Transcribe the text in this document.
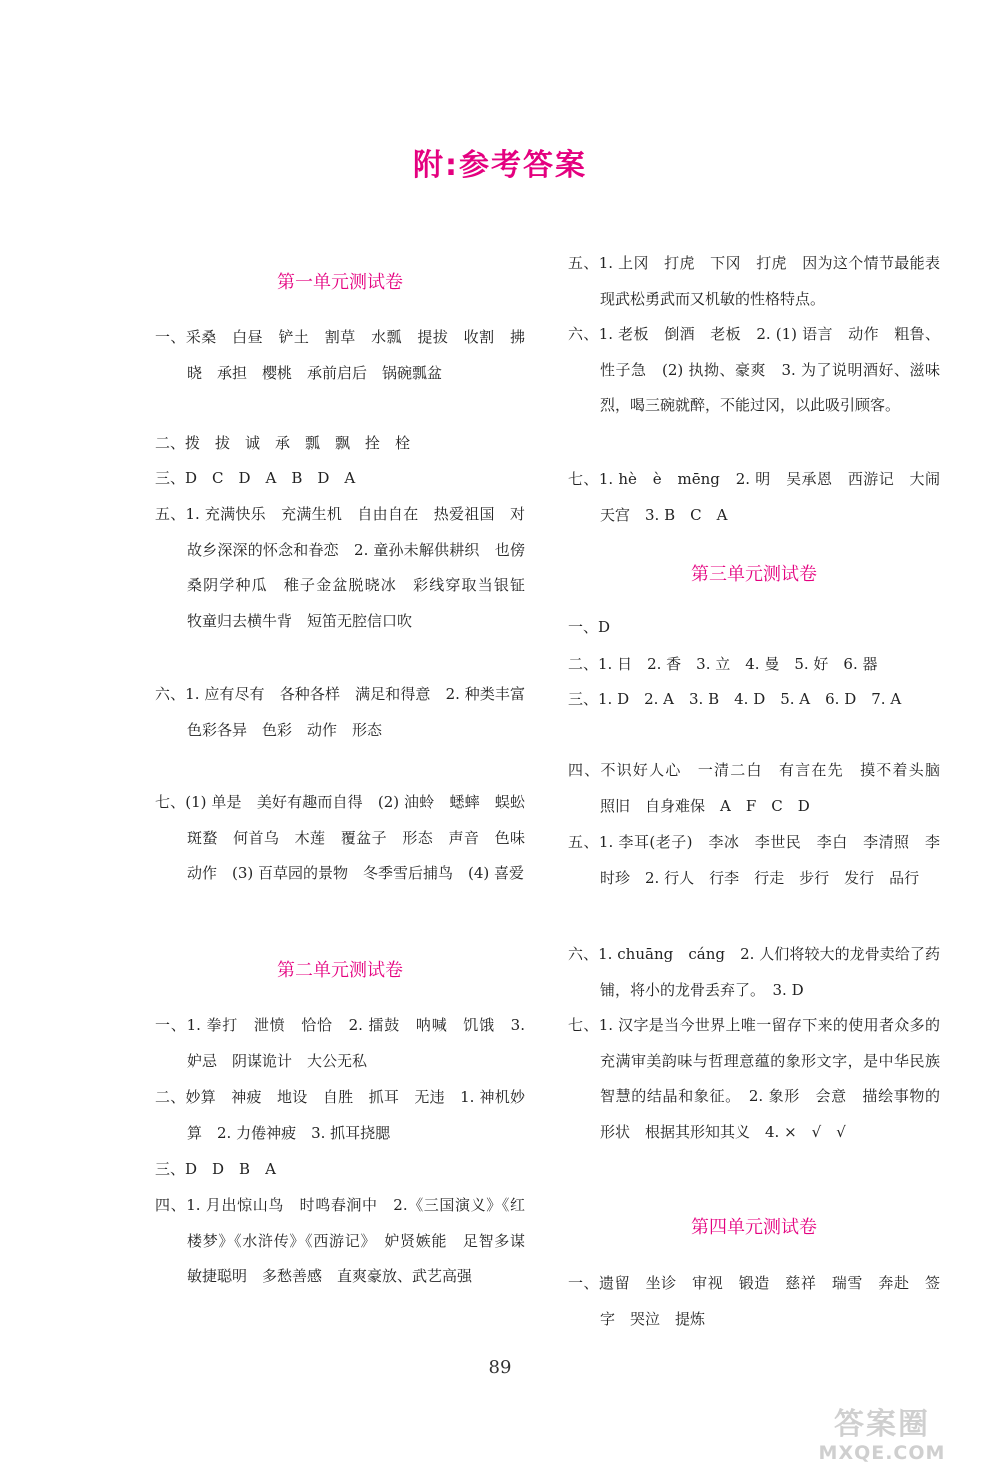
附:参考答案
第一单元测试卷
一、采桑　白昼　铲土　割草　水瓢　提拔　收割　拂晓　承担　樱桃　承前启后　锅碗瓢盆
二、拨　拔　诚　承　瓢　飘　拴　栓
三、D　C　D　A　B　D　A
五、1. 充满快乐　充满生机　自由自在　热爱祖国　对故乡深深的怀念和眷恋　2. 童孙未解供耕织　也傍桑阴学种瓜　稚子金盆脱晓冰　彩线穿取当银钲　牧童归去横牛背　短笛无腔信口吹
六、1. 应有尽有　各种各样　满足和得意　2. 种类丰富　色彩各异　色彩　动作　形态
七、(1) 单是　美好有趣而自得　(2) 油蛉　蟋蟀　蜈蚣　斑蝥　何首乌　木莲　覆盆子　形态　声音　色味　动作　(3) 百草园的景物　冬季雪后捕鸟　(4) 喜爱
第二单元测试卷
一、1. 拳打　泄愤　恰恰　2. 擂鼓　呐喊　饥饿　3. 妒忌　阴谋诡计　大公无私
二、妙算　神疲　地设　自胜　抓耳　无违　1. 神机妙算　2. 力倦神疲　3. 抓耳挠腮
三、D　D　B　A
四、1. 月出惊山鸟　时鸣春涧中　2.《三国演义》《红楼梦》《水浒传》《西游记》　妒贤嫉能　足智多谋　敏捷聪明　多愁善感　直爽豪放、武艺高强
五、1. 上冈　打虎　下冈　打虎　因为这个情节最能表现武松勇武而又机敏的性格特点。
六、1. 老板　倒酒　老板　2. (1) 语言　动作　粗鲁、性子急　(2) 执拗、豪爽　3. 为了说明酒好、滋味烈，喝三碗就醉，不能过冈，以此吸引顾客。
七、1. hè　è　mēng　2. 明　吴承恩　西游记　大闹天宫　3. B　C　A
第三单元测试卷
一、D
二、1. 日　2. 香　3. 立　4. 曼　5. 好　6. 器
三、1. D　2. A　3. B　4. D　5. A　6. D　7. A
四、不识好人心　一清二白　有言在先　摸不着头脑　照旧　自身难保　A　F　C　D
五、1. 李耳(老子)　李冰　李世民　李白　李清照　李时珍　2. 行人　行李　行走　步行　发行　品行
六、1. chuāng　cáng　2. 人们将较大的龙骨卖给了药铺，将小的龙骨丢弃了。　3. D
七、1. 汉字是当今世界上唯一留存下来的使用者众多的充满审美韵味与哲理意蕴的象形文字，是中华民族智慧的结晶和象征。　2. 象形　会意　描绘事物的形状　根据其形知其义　4. ×　√　√
第四单元测试卷
一、遗留　坐诊　审视　锻造　慈祥　瑞雪　奔赴　签字　哭泣　提炼
89
答案圈
MXQE.COM
